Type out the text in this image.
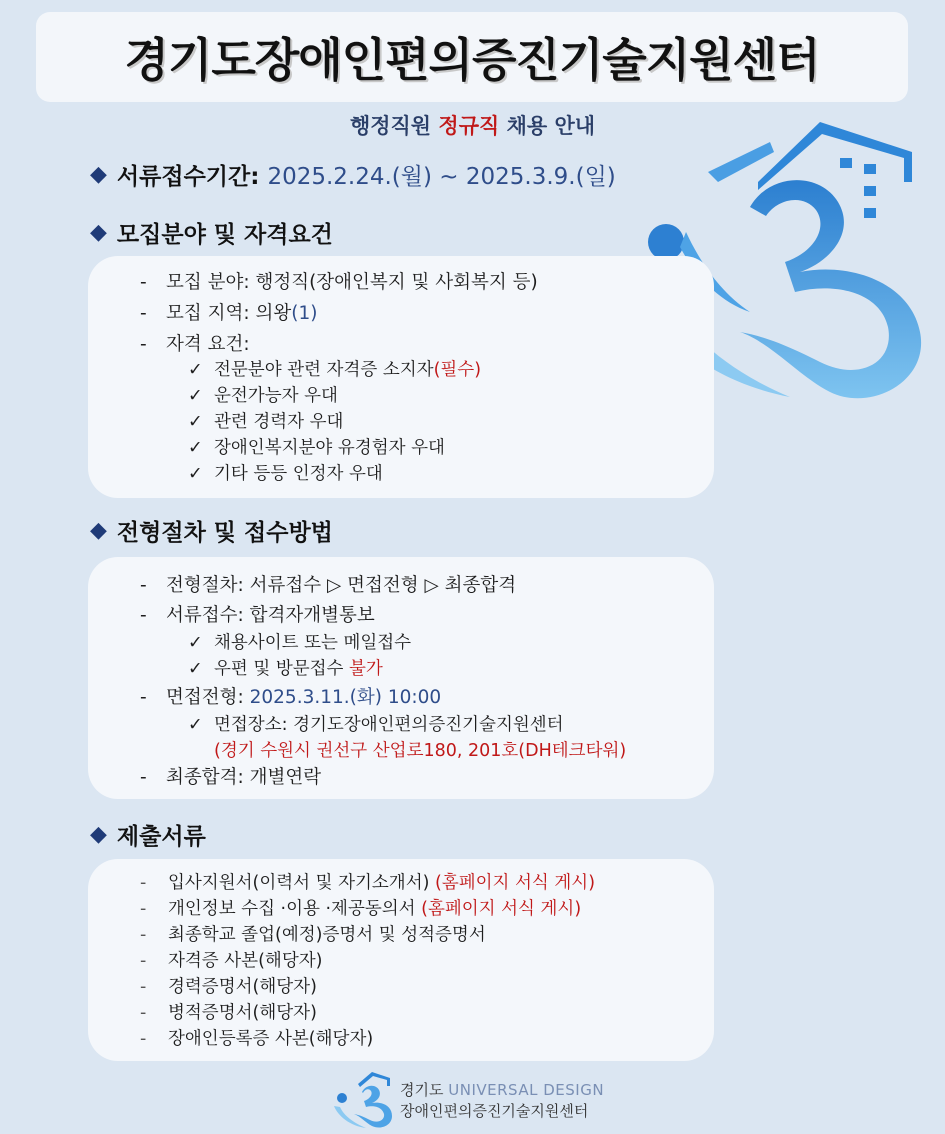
경기도장애인편의증진기술지원센터
행정직원 정규직 채용 안내
◆ 서류접수기간: 2025.2.24.(월) ~ 2025.3.9.(일)
◆ 모집분야 및 자격요건
- 모집 분야: 행정직(장애인복지 및 사회복지 등)
- 모집 지역: 의왕(1)
- 자격 요건:
✓ 전문분야 관련 자격증 소지자(필수)
✓ 운전가능자 우대
✓ 관련 경력자 우대
✓ 장애인복지분야 유경험자 우대
✓ 기타 등등 인정자 우대
◆ 전형절차 및 접수방법
- 전형절차: 서류접수 ▷ 면접전형 ▷ 최종합격
- 서류접수: 합격자개별통보
✓ 채용사이트 또는 메일접수
✓ 우편 및 방문접수 불가
- 면접전형: 2025.3.11.(화) 10:00
✓ 면접장소: 경기도장애인편의증진기술지원센터
(경기 수원시 권선구 산업로180, 201호(DH테크타워)
- 최종합격: 개별연락
◆ 제출서류
- 입사지원서(이력서 및 자기소개서) (홈페이지 서식 게시)
- 개인정보 수집 ·이용 ·제공동의서 (홈페이지 서식 게시)
- 최종학교 졸업(예정)증명서 및 성적증명서
- 자격증 사본(해당자)
- 경력증명서(해당자)
- 병적증명서(해당자)
- 장애인등록증 사본(해당자)
경기도 UNIVERSAL DESIGN
장애인편의증진기술지원센터
